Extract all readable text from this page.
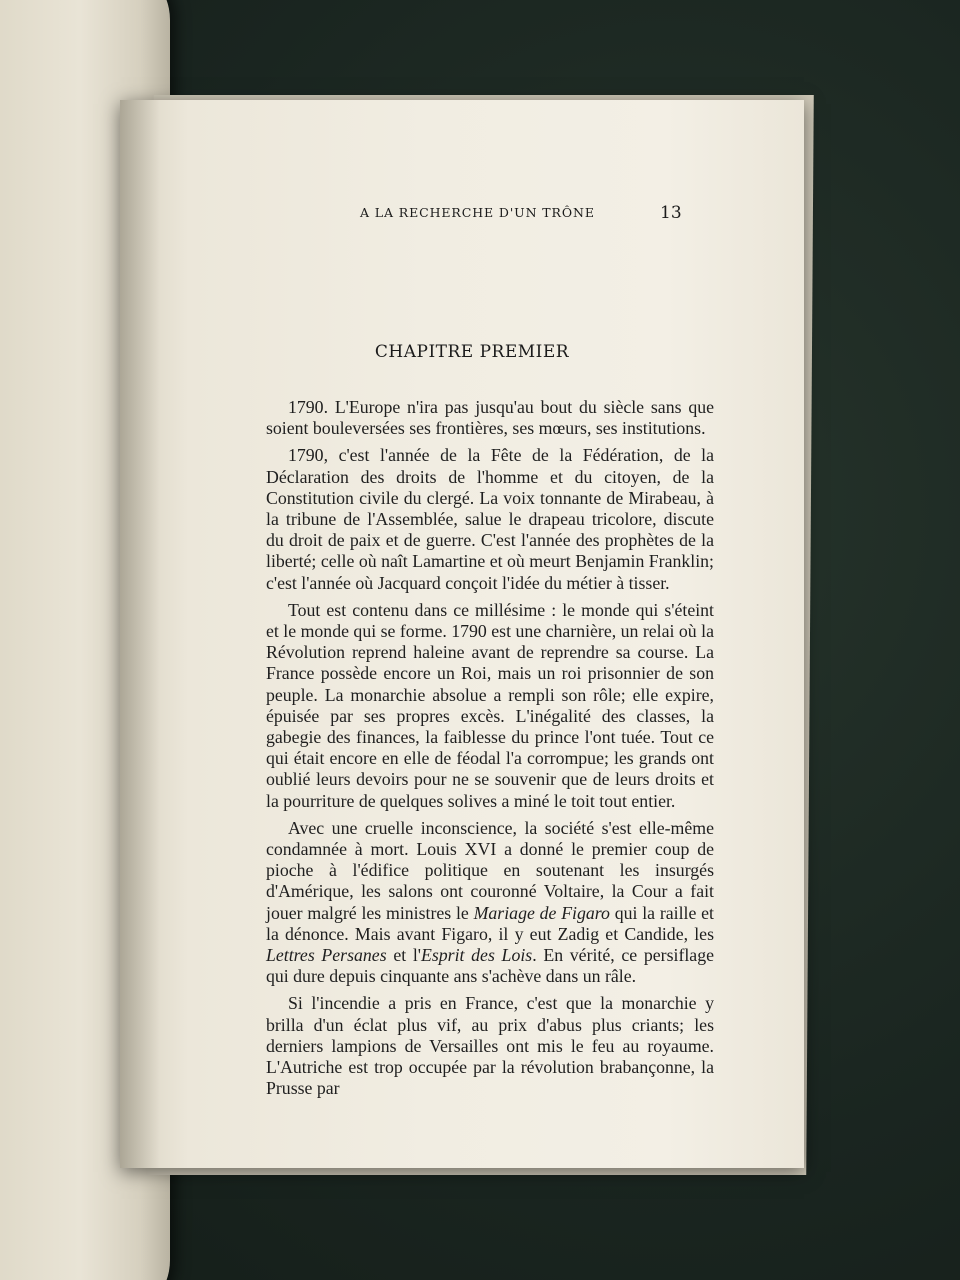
A LA RECHERCHE D'UN TRÔNE	13
CHAPITRE PREMIER

1790. L'Europe n'ira pas jusqu'au bout du siècle sans que soient bouleversées ses frontières, ses mœurs, ses institutions.

1790, c'est l'année de la Fête de la Fédération, de la Déclaration des droits de l'homme et du citoyen, de la Constitution civile du clergé. La voix tonnante de Mirabeau, à la tribune de l'Assemblée, salue le drapeau tricolore, discute du droit de paix et de guerre. C'est l'année des prophètes de la liberté; celle où naît Lamartine et où meurt Benjamin Franklin; c'est l'année où Jacquard conçoit l'idée du métier à tisser.

Tout est contenu dans ce millésime : le monde qui s'éteint et le monde qui se forme. 1790 est une charnière, un relai où la Révolution reprend haleine avant de reprendre sa course. La France possède encore un Roi, mais un roi prisonnier de son peuple. La monarchie absolue a rempli son rôle; elle expire, épuisée par ses propres excès. L'inégalité des classes, la gabegie des finances, la faiblesse du prince l'ont tuée. Tout ce qui était encore en elle de féodal l'a corrompue; les grands ont oublié leurs devoirs pour ne se souvenir que de leurs droits et la pourriture de quelques solives a miné le toit tout entier.

Avec une cruelle inconscience, la société s'est elle-même condamnée à mort. Louis XVI a donné le premier coup de pioche à l'édifice politique en soutenant les insurgés d'Amérique, les salons ont couronné Voltaire, la Cour a fait jouer malgré les ministres le Mariage de Figaro qui la raille et la dénonce. Mais avant Figaro, il y eut Zadig et Candide, les Lettres Persanes et l'Esprit des Lois. En vérité, ce persiflage qui dure depuis cinquante ans s'achève dans un râle.

Si l'incendie a pris en France, c'est que la monarchie y brilla d'un éclat plus vif, au prix d'abus plus criants; les derniers lampions de Versailles ont mis le feu au royaume. L'Autriche est trop occupée par la révolution brabançonne, la Prusse par
